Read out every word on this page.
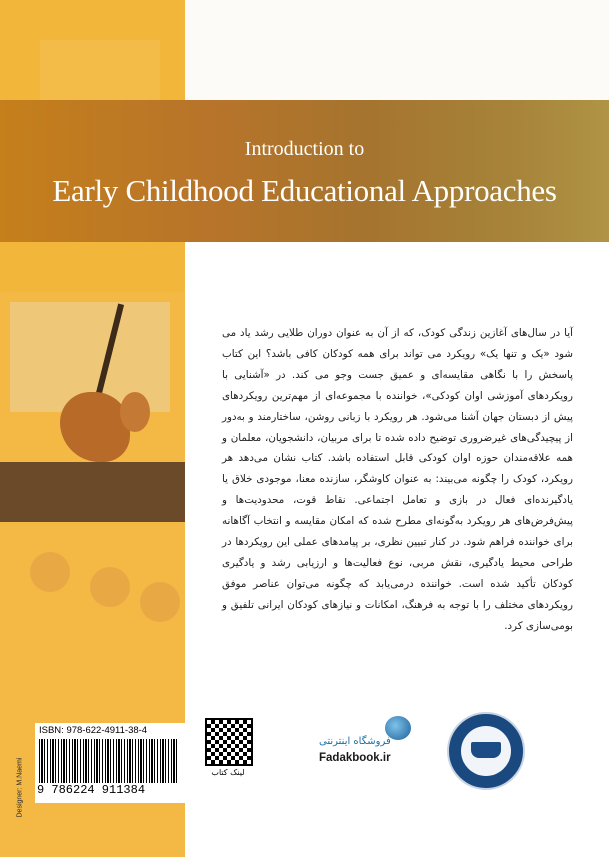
Introduction to
Early Childhood Educational Approaches

آیا در سال‌های آغازین زندگی کودک، که از آن به عنوان دوران طلایی رشد یاد می شود «یک و تنها یک» رویکرد می تواند برای همه کودکان کافی باشد؟ این کتاب پاسخش را با نگاهی مقایسه‌ای و عمیق جست وجو می کند. در «آشنایی با رویکردهای آموزشی اوان کودکی»، خواننده با مجموعه‌ای از مهم‌ترین رویکردهای پیش از دبستان جهان آشنا می‌شود. هر رویکرد با زبانی روشن، ساختارمند و به‌دور از پیچیدگی‌های غیرضروری توضیح داده شده تا برای مربیان، دانشجویان، معلمان و همه علاقه‌مندان حوزه اوان کودکی قابل استفاده باشد. کتاب نشان می‌دهد هر رویکرد، کودک را چگونه می‌بیند: به عنوان کاوشگر، سازنده معنا، موجودی خلاق یا یادگیرنده‌ای فعال در بازی و تعامل اجتماعی. نقاط قوت، محدودیت‌ها و پیش‌فرض‌های هر رویکرد به‌گونه‌ای مطرح شده که امکان مقایسه و انتخاب آگاهانه برای خواننده فراهم شود. در کنار تبیین نظری، بر پیامدهای عملی این رویکردها در طراحی محیط یادگیری، نقش مربی، نوع فعالیت‌ها و ارزیابی رشد و یادگیری کودکان تأکید شده است. خواننده درمی‌یابد که چگونه می‌توان عناصر موفق رویکردهای مختلف را با توجه به فرهنگ، امکانات و نیازهای کودکان ایرانی تلفیق و بومی‌سازی کرد.

Designer: M.Naemi
ISBN: 978-622-4911-38-4
9 786224 911384
لینک کتاب
فروشگاه اینترنتی
Fadakbook.ir
